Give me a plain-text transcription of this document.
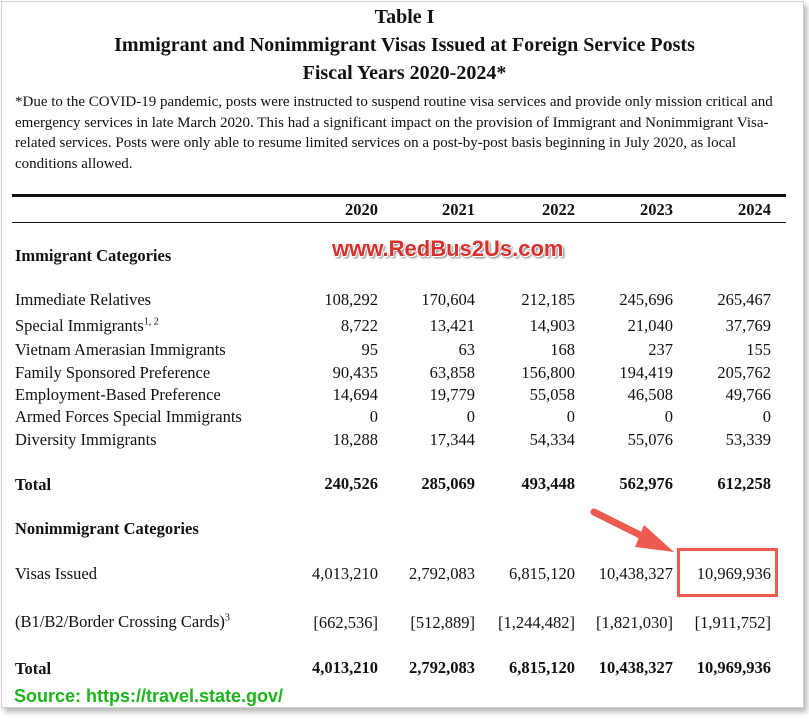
Table I
Immigrant and Nonimmigrant Visas Issued at Foreign Service Posts
Fiscal Years 2020-2024*
*Due to the COVID-19 pandemic, posts were instructed to suspend routine visa services and provide only mission critical and emergency services in late March 2020. This had a significant impact on the provision of Immigrant and Nonimmigrant Visa-related services. Posts were only able to resume limited services on a post-by-post basis beginning in July 2020, as local conditions allowed.
2020	2021	2022	2023	2024
Immigrant Categories	www.RedBus2Us.com
Immediate Relatives	108,292	170,604	212,185	245,696	265,467
Special Immigrants$^{1, 2}$	8,722	13,421	14,903	21,040	37,769
Vietnam Amerasian Immigrants	95	63	168	237	155
Family Sponsored Preference	90,435	63,858	156,800	194,419	205,762
Employment-Based Preference	14,694	19,779	55,058	46,508	49,766
Armed Forces Special Immigrants	0	0	0	0	0
Diversity Immigrants	18,288	17,344	54,334	55,076	53,339
Total	240,526	285,069	493,448	562,976	612,258
Nonimmigrant Categories
Visas Issued	4,013,210 2,792,083 6,815,120 10,438,327 10,969,936
(B1/B2/Border Crossing Cards)$^3$	[662,536] [512,889] [1,244,482] [1,821,030] [1,911,752]
Total	4,013,210 2,792,083 6,815,120 10,438,327 10,969,936
Source: https://travel.state.gov/
